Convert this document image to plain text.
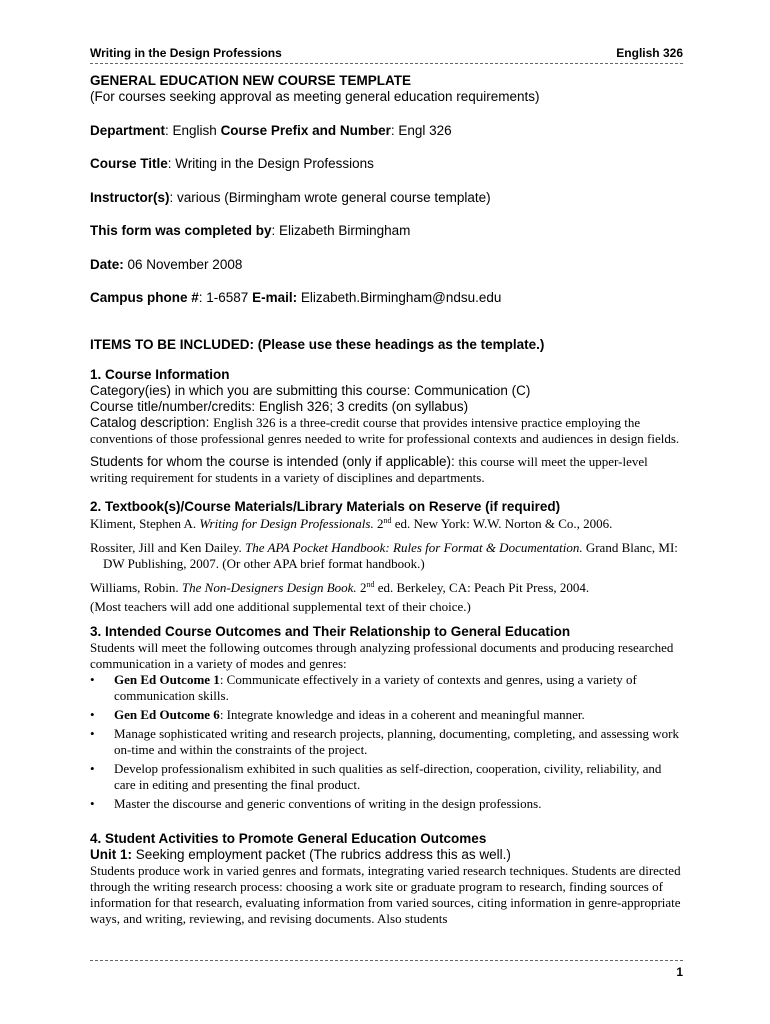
Writing in the Design Professions	English 326
GENERAL EDUCATION NEW COURSE TEMPLATE
(For courses seeking approval as meeting general education requirements)
Department: English Course Prefix and Number: Engl 326
Course Title: Writing in the Design Professions
Instructor(s): various (Birmingham wrote general course template)
This form was completed by: Elizabeth Birmingham
Date: 06 November 2008
Campus phone #: 1-6587 E-mail: Elizabeth.Birmingham@ndsu.edu
ITEMS TO BE INCLUDED: (Please use these headings as the template.)
1. Course Information
Category(ies) in which you are submitting this course: Communication (C)
Course title/number/credits: English 326; 3 credits (on syllabus)
Catalog description: English 326 is a three-credit course that provides intensive practice employing the conventions of those professional genres needed to write for professional contexts and audiences in design fields.
Students for whom the course is intended (only if applicable): this course will meet the upper-level writing requirement for students in a variety of disciplines and departments.
2. Textbook(s)/Course Materials/Library Materials on Reserve (if required)
Kliment, Stephen A. Writing for Design Professionals. 2nd ed. New York: W.W. Norton & Co., 2006.
Rossiter, Jill and Ken Dailey. The APA Pocket Handbook: Rules for Format & Documentation. Grand Blanc, MI: DW Publishing, 2007. (Or other APA brief format handbook.)
Williams, Robin. The Non-Designers Design Book. 2nd ed. Berkeley, CA: Peach Pit Press, 2004.
(Most teachers will add one additional supplemental text of their choice.)
3. Intended Course Outcomes and Their Relationship to General Education
Students will meet the following outcomes through analyzing professional documents and producing researched communication in a variety of modes and genres:
• Gen Ed Outcome 1: Communicate effectively in a variety of contexts and genres, using a variety of communication skills.
• Gen Ed Outcome 6: Integrate knowledge and ideas in a coherent and meaningful manner.
• Manage sophisticated writing and research projects, planning, documenting, completing, and assessing work on-time and within the constraints of the project.
• Develop professionalism exhibited in such qualities as self-direction, cooperation, civility, reliability, and care in editing and presenting the final product.
• Master the discourse and generic conventions of writing in the design professions.
4. Student Activities to Promote General Education Outcomes
Unit 1: Seeking employment packet (The rubrics address this as well.)
Students produce work in varied genres and formats, integrating varied research techniques. Students are directed through the writing research process: choosing a work site or graduate program to research, finding sources of information for that research, evaluating information from varied sources, citing information in genre-appropriate ways, and writing, reviewing, and revising documents. Also students
1
